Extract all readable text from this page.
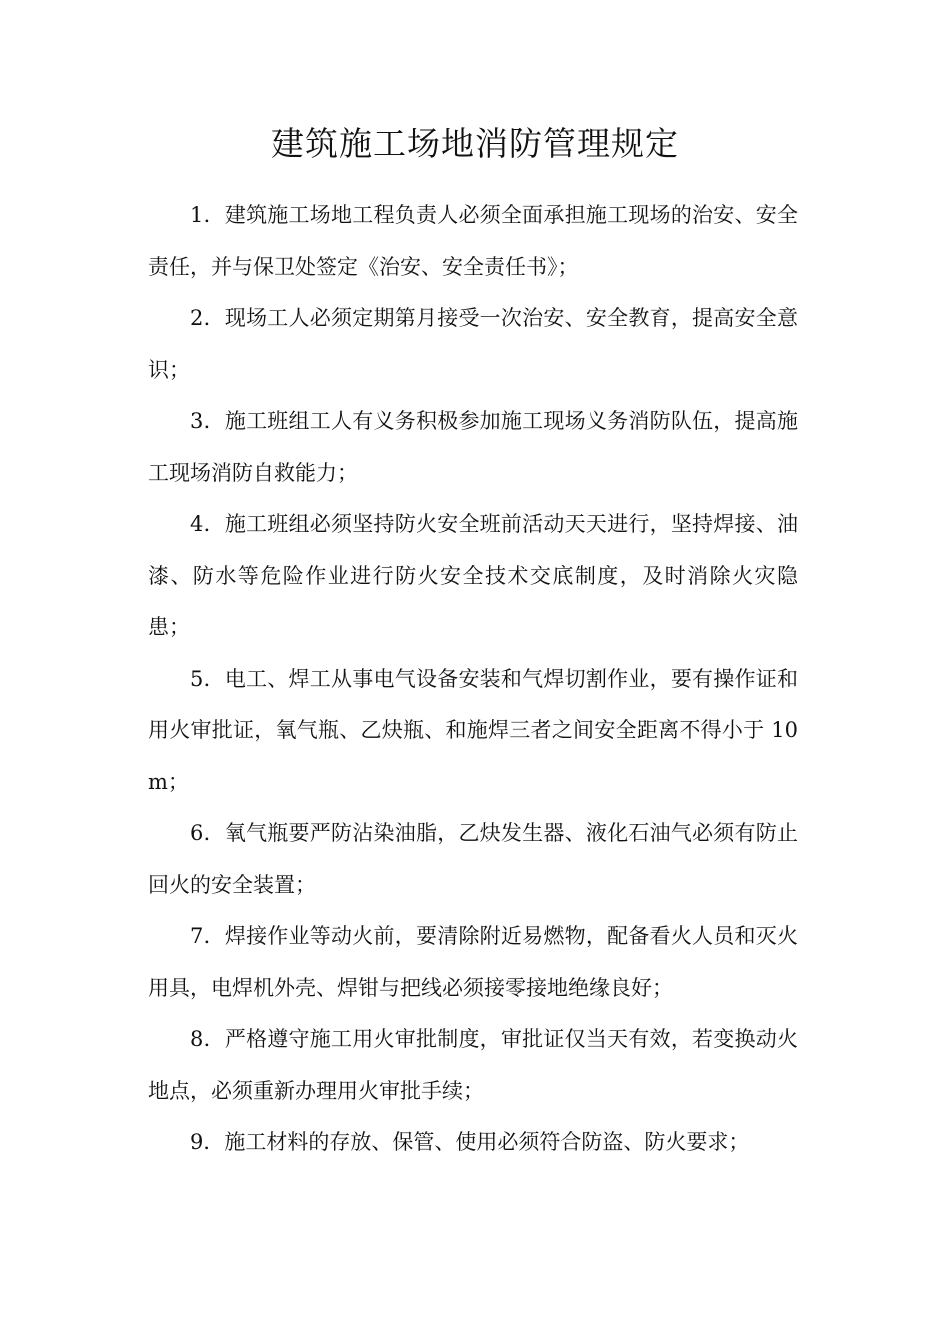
建筑施工场地消防管理规定

1．建筑施工场地工程负责人必须全面承担施工现场的治安、安全责任，并与保卫处签定《治安、安全责任书》；

2．现场工人必须定期第月接受一次治安、安全教育，提高安全意识；

3．施工班组工人有义务积极参加施工现场义务消防队伍，提高施工现场消防自救能力；

4．施工班组必须坚持防火安全班前活动天天进行，坚持焊接、油漆、防水等危险作业进行防火安全技术交底制度，及时消除火灾隐患；

5．电工、焊工从事电气设备安装和气焊切割作业，要有操作证和用火审批证，氧气瓶、乙炔瓶、和施焊三者之间安全距离不得小于 10m；

6．氧气瓶要严防沾染油脂，乙炔发生器、液化石油气必须有防止回火的安全装置；

7．焊接作业等动火前，要清除附近易燃物，配备看火人员和灭火用具，电焊机外壳、焊钳与把线必须接零接地绝缘良好；

8．严格遵守施工用火审批制度，审批证仅当天有效，若变换动火地点，必须重新办理用火审批手续；

9．施工材料的存放、保管、使用必须符合防盗、防火要求；
